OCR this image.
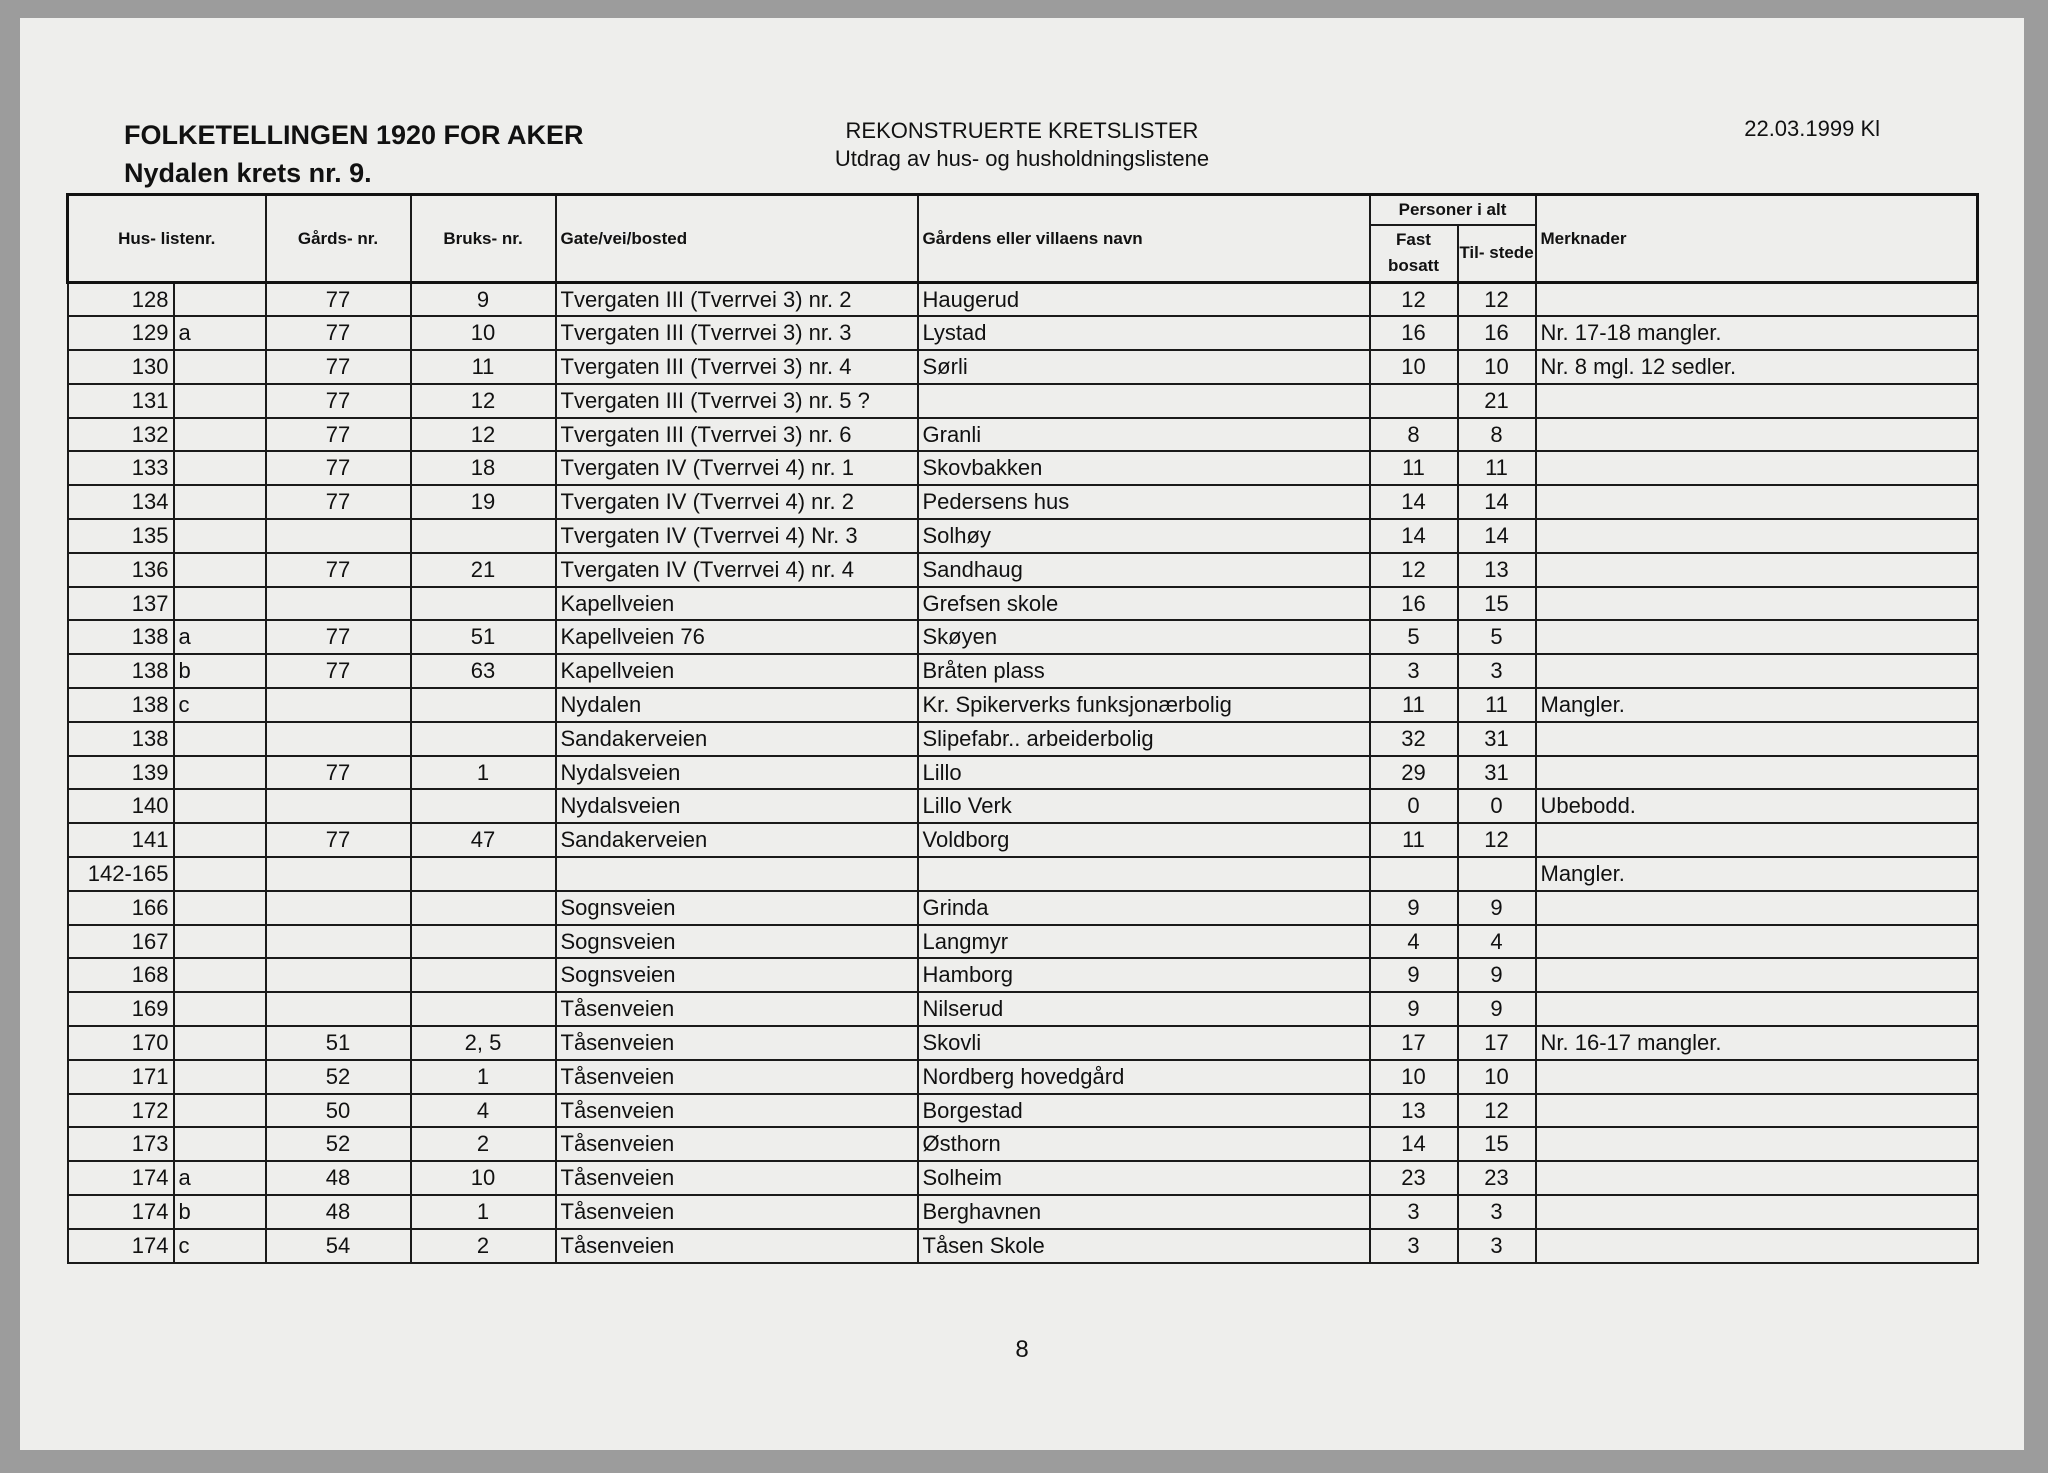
FOLKETELLINGEN 1920 FOR AKER

Nydalen krets nr. 9.

REKONSTRUERTE KRETSLISTER

Utdrag av hus- og husholdningslistene

22.03.1999 Kl

Hus- listenr.		Gårds- nr.	Bruks- nr.	Gate/vei/bosted	Gårdens eller villaens navn	Personer i alt		Merknader
						Fast bosatt	Til- stede	
128		77	9	Tvergaten III (Tverrvei 3) nr. 2	Haugerud	12	12	
129	a	77	10	Tvergaten III (Tverrvei 3) nr. 3	Lystad	16	16	Nr. 17-18 mangler.
130		77	11	Tvergaten III (Tverrvei 3) nr. 4	Sørli	10	10	Nr. 8 mgl. 12 sedler.
131		77	12	Tvergaten III (Tverrvei 3) nr. 5 ?			21	
132		77	12	Tvergaten III (Tverrvei 3) nr. 6	Granli	8	8	
133		77	18	Tvergaten IV (Tverrvei 4) nr. 1	Skovbakken	11	11	
134		77	19	Tvergaten IV (Tverrvei 4) nr. 2	Pedersens hus	14	14	
135				Tvergaten IV (Tverrvei 4) Nr. 3	Solhøy	14	14	
136		77	21	Tvergaten IV (Tverrvei 4) nr. 4	Sandhaug	12	13	
137				Kapellveien	Grefsen skole	16	15	
138	a	77	51	Kapellveien 76	Skøyen	5	5	
138	b	77	63	Kapellveien	Bråten plass	3	3	
138	c			Nydalen	Kr. Spikerverks funksjonærbolig	11	11	Mangler.
138				Sandakerveien	Slipefabr.. arbeiderbolig	32	31	
139		77	1	Nydalsveien	Lillo	29	31	
140				Nydalsveien	Lillo Verk	0	0	Ubebodd.
141		77	47	Sandakerveien	Voldborg	11	12	
142-165								Mangler.
166				Sognsveien	Grinda	9	9	
167				Sognsveien	Langmyr	4	4	
168				Sognsveien	Hamborg	9	9	
169				Tåsenveien	Nilserud	9	9	
170		51	2, 5	Tåsenveien	Skovli	17	17	Nr. 16-17 mangler.
171		52	1	Tåsenveien	Nordberg hovedgård	10	10	
172		50	4	Tåsenveien	Borgestad	13	12	
173		52	2	Tåsenveien	Østhorn	14	15	
174	a	48	10	Tåsenveien	Solheim	23	23	
174	b	48	1	Tåsenveien	Berghavnen	3	3	
174	c	54	2	Tåsenveien	Tåsen Skole	3	3	

8
